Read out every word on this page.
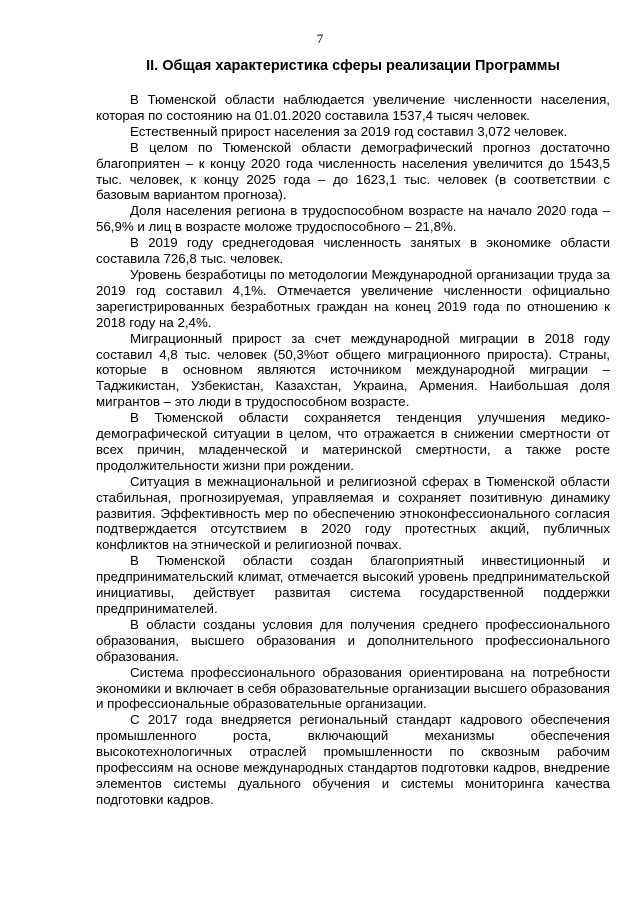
7
II. Общая характеристика сферы реализации Программы

В Тюменской области наблюдается увеличение численности населения, которая по состоянию на 01.01.2020 составила 1537,4 тысяч человек.

Естественный прирост населения за 2019 год составил 3,072 человек.

В целом по Тюменской области демографический прогноз достаточно благоприятен – к концу 2020 года численность населения увеличится до 1543,5 тыс. человек, к концу 2025 года – до 1623,1 тыс. человек (в соответствии с базовым вариантом прогноза).

Доля населения региона в трудоспособном возрасте на начало 2020 года – 56,9% и лиц в возрасте моложе трудоспособного – 21,8%.

В 2019 году среднегодовая численность занятых в экономике области составила 726,8 тыс. человек.

Уровень безработицы по методологии Международной организации труда за 2019 год составил 4,1%. Отмечается увеличение численности официально зарегистрированных безработных граждан на конец 2019 года по отношению к 2018 году на 2,4%.

Миграционный прирост за счет международной миграции в 2018 году составил 4,8 тыс. человек (50,3%от общего миграционного прироста). Страны, которые в основном являются источником международной миграции – Таджикистан, Узбекистан, Казахстан, Украина, Армения. Наибольшая доля мигрантов – это люди в трудоспособном возрасте.

В Тюменской области сохраняется тенденция улучшения медико-демографической ситуации в целом, что отражается в снижении смертности от всех причин, младенческой и материнской смертности, а также росте продолжительности жизни при рождении.

Ситуация в межнациональной и религиозной сферах в Тюменской области стабильная, прогнозируемая, управляемая и сохраняет позитивную динамику развития. Эффективность мер по обеспечению этноконфессионального согласия подтверждается отсутствием в 2020 году протестных акций, публичных конфликтов на этнической и религиозной почвах.

В Тюменской области создан благоприятный инвестиционный и предпринимательский климат, отмечается высокий уровень предпринимательской инициативы, действует развитая система государственной поддержки предпринимателей.

В области созданы условия для получения среднего профессионального образования, высшего образования и дополнительного профессионального образования.

Система профессионального образования ориентирована на потребности экономики и включает в себя образовательные организации высшего образования и профессиональные образовательные организации.

С 2017 года внедряется региональный стандарт кадрового обеспечения промышленного роста, включающий механизмы обеспечения высокотехнологичных отраслей промышленности по сквозным рабочим профессиям на основе международных стандартов подготовки кадров, внедрение элементов системы дуального обучения и системы мониторинга качества подготовки кадров.
